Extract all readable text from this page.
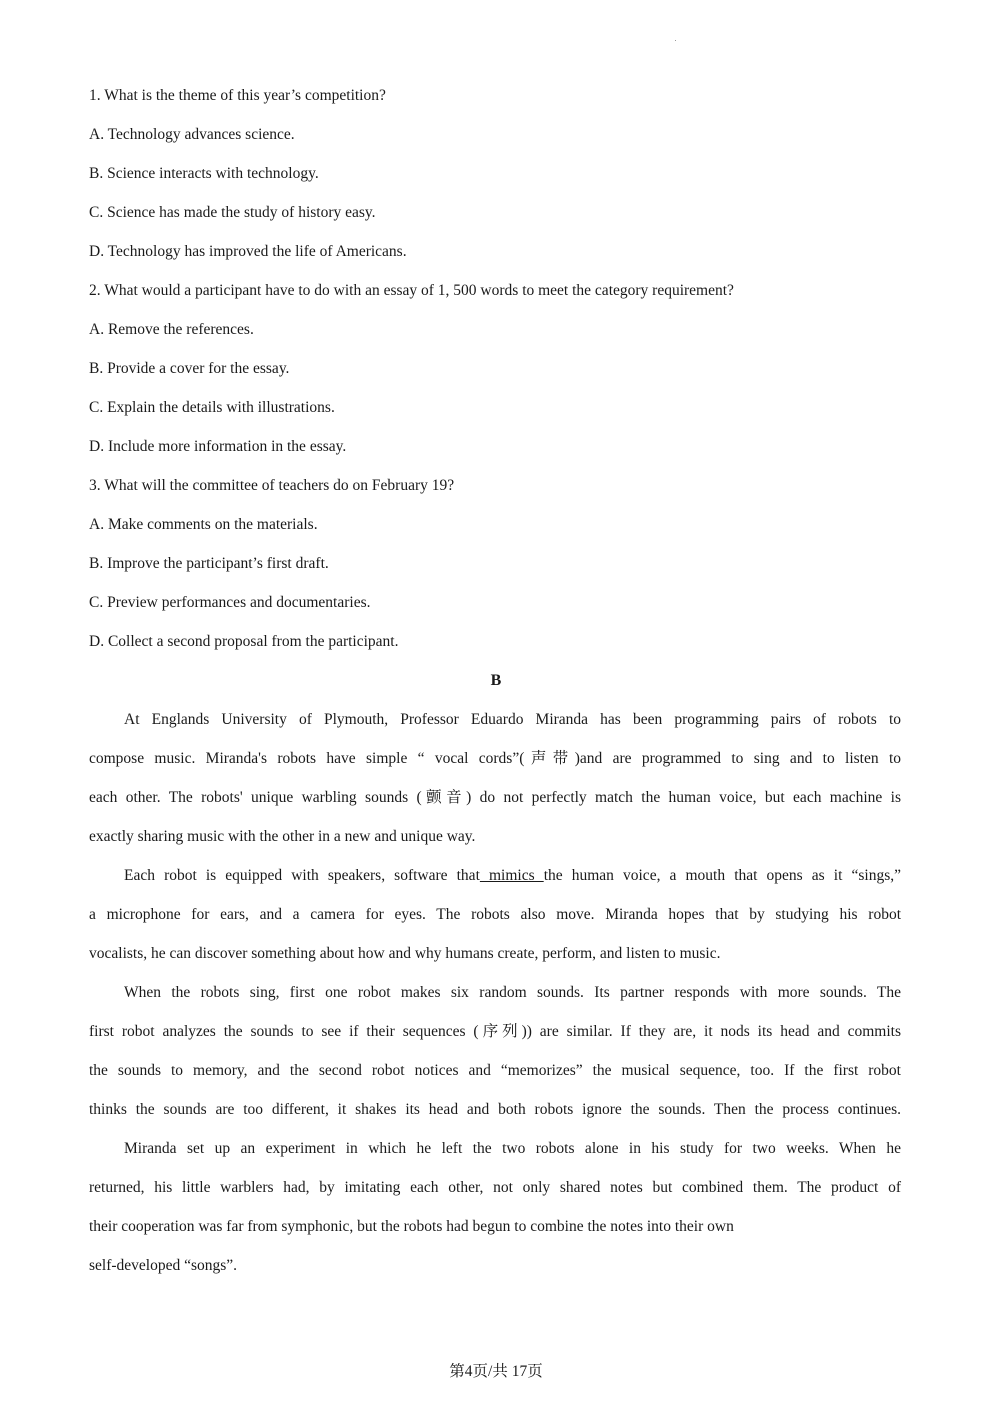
1. What is the theme of this year’s competition?
A. Technology advances science.
B. Science interacts with technology.
C. Science has made the study of history easy.
D. Technology has improved the life of Americans.
2. What would a participant have to do with an essay of 1, 500 words to meet the category requirement?
A. Remove the references.
B. Provide a cover for the essay.
C. Explain the details with illustrations.
D. Include more information in the essay.
3. What will the committee of teachers do on February 19?
A. Make comments on the materials.
B. Improve the participant’s first draft.
C. Preview performances and documentaries.
D. Collect a second proposal from the participant.
B
At Englands University of Plymouth, Professor Eduardo Miranda has been programming pairs of robots to
compose music. Miranda's robots have simple “ vocal cords”(声带)and are programmed to sing and to listen to
each other. The robots' unique warbling sounds (颤音) do not perfectly match the human voice, but each machine is
exactly sharing music with the other in a new and unique way.
Each robot is equipped with speakers, software that mimics the human voice, a mouth that opens as it “sings,”
a microphone for ears, and a camera for eyes. The robots also move. Miranda hopes that by studying his robot
vocalists, he can discover something about how and why humans create, perform, and listen to music.
When the robots sing, first one robot makes six random sounds. Its partner responds with more sounds. The
first robot analyzes the sounds to see if their sequences (序列)) are similar. If they are, it nods its head and commits
the sounds to memory, and the second robot notices and “memorizes” the musical sequence, too. If the first robot
thinks the sounds are too different, it shakes its head and both robots ignore the sounds. Then the process continues.
Miranda set up an experiment in which he left the two robots alone in his study for two weeks. When he
returned, his little warblers had, by imitating each other, not only shared notes but combined them. The product of
their cooperation was far from symphonic, but the robots had begun to combine the notes into their own
self-developed “songs”.
第4页/共 17页
